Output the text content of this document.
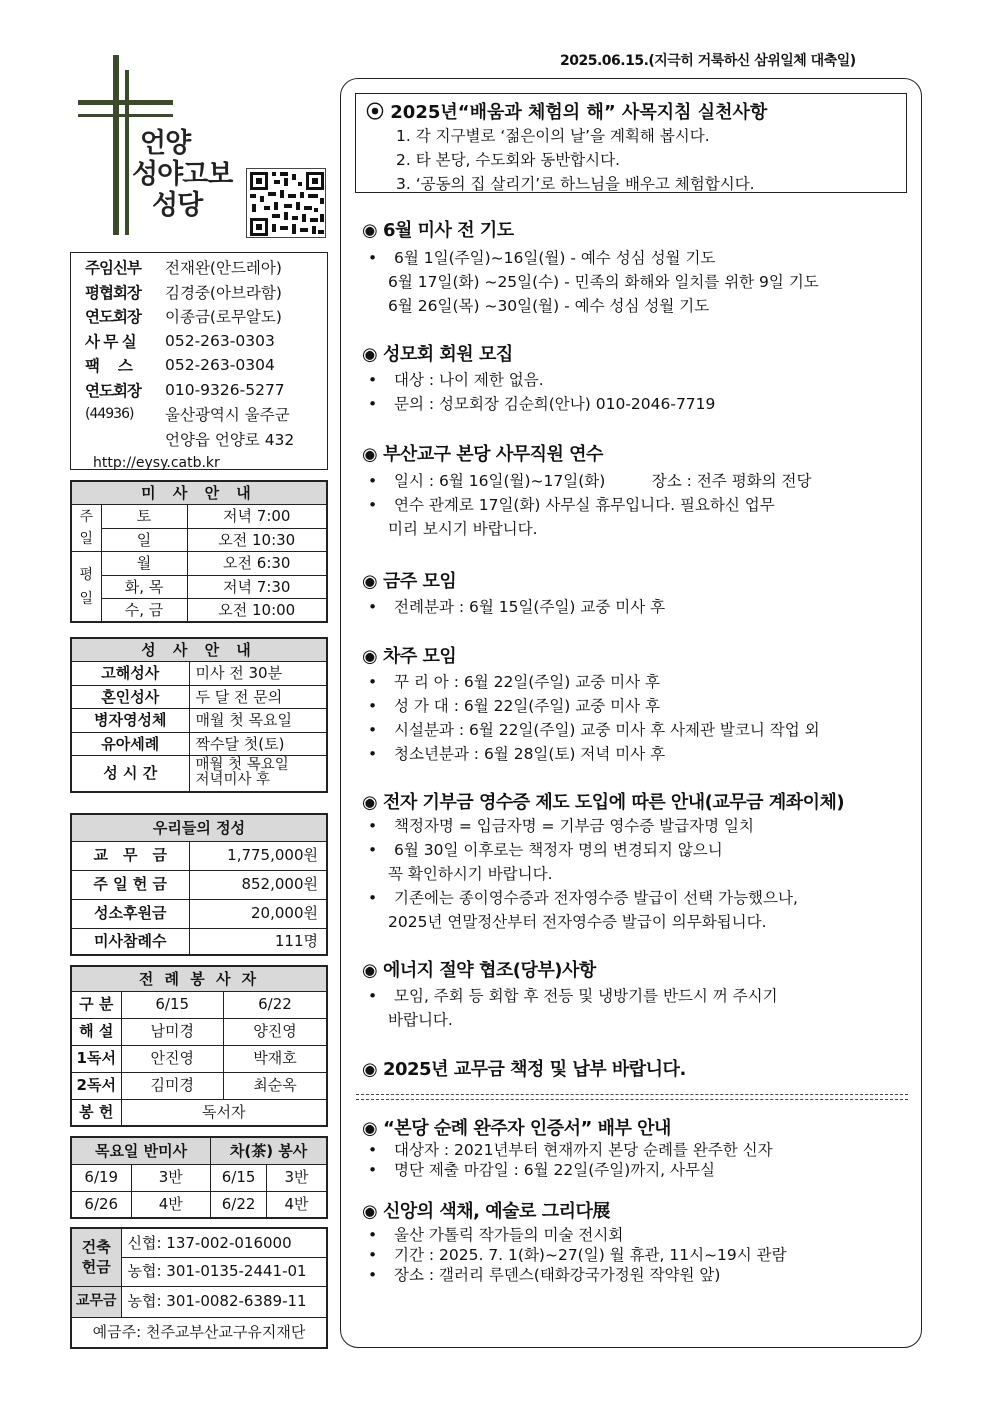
2025.06.15.(지극히 거룩하신 삼위일체 대축일)
언양
성야고보
성당
주임신부	전재완(안드레아)
평협회장	김경중(아브라함)
연도회장	이종금(로무알도)
사 무 실	052-263-0303
팩　 스	052-263-0304
연도회장	010-9326-5277
(44936)	울산광역시 울주군
언양읍 언양로 432
http://eysy.catb.kr
미 사 안 내		
주일	토	저녁 7:00
	일	오전 10:30
평일	월	오전 6:30
	화, 목	저녁 7:30
	수, 금	오전 10:00
성 사 안 내	
고해성사	미사 전 30분
혼인성사	두 달 전 문의
병자영성체	매월 첫 목요일
유아세례	짝수달 첫(토)
성 시 간	매월 첫 목요일
저녁미사 후
우리들의 정성	
교　무　금	1,775,000원
주 일 헌 금	852,000원
성소후원금	20,000원
미사참례수	111명
전 례 봉 사 자		
구 분	6/15	6/22
해 설	남미경	양진영
1독서	안진영	박재호
2독서	김미경	최순옥
봉 헌	독서자	
목요일 반미사		차(茶) 봉사	
6/19	3반	6/15	3반
6/26	4반	6/22	4반
건축헌금	신협: 137-002-016000
	농협: 301-0135-2441-01
교무금	농협: 301-0082-6389-11
예금주: 천주교부산교구유지재단	
⦿ 2025년“배움과 체험의 해” 사목지침 실천사항
1. 각 지구별로 ‘젊은이의 날’을 계획해 봅시다.
2. 타 본당, 수도회와 동반합시다.
3. ‘공동의 집 살리기’로 하느님을 배우고 체험합시다.
◉ 6월 미사 전 기도
• 6월 1일(주일)~16일(월) - 예수 성심 성월 기도
6월 17일(화) ~25일(수) - 민족의 화해와 일치를 위한 9일 기도
6월 26일(목) ~30일(월) - 예수 성심 성월 기도
◉ 성모회 회원 모집
• 대상 : 나이 제한 없음.
• 문의 : 성모회장 김순희(안나) 010-2046-7719
◉ 부산교구 본당 사무직원 연수
• 일시 : 6월 16일(월)~17일(화)　　　장소 : 전주 평화의 전당
• 연수 관계로 17일(화) 사무실 휴무입니다. 필요하신 업무
미리 보시기 바랍니다.
◉ 금주 모임
• 전례분과 : 6월 15일(주일) 교중 미사 후
◉ 차주 모임
• 꾸 리 아 : 6월 22일(주일) 교중 미사 후
• 성 가 대 : 6월 22일(주일) 교중 미사 후
• 시설분과 : 6월 22일(주일) 교중 미사 후 사제관 발코니 작업 외
• 청소년분과 : 6월 28일(토) 저녁 미사 후
◉ 전자 기부금 영수증 제도 도입에 따른 안내(교무금 계좌이체)
• 책정자명 = 입금자명 = 기부금 영수증 발급자명 일치
• 6월 30일 이후로는 책정자 명의 변경되지 않으니
꼭 확인하시기 바랍니다.
• 기존에는 종이영수증과 전자영수증 발급이 선택 가능했으나,
2025년 연말정산부터 전자영수증 발급이 의무화됩니다.
◉ 에너지 절약 협조(당부)사항
• 모임, 주회 등 회합 후 전등 및 냉방기를 반드시 꺼 주시기
바랍니다.
◉ 2025년 교무금 책정 및 납부 바랍니다.
◉ “본당 순례 완주자 인증서” 배부 안내
• 대상자 : 2021년부터 현재까지 본당 순례를 완주한 신자
• 명단 제출 마감일 : 6월 22일(주일)까지, 사무실
◉ 신앙의 색채, 예술로 그리다展
• 울산 가톨릭 작가들의 미술 전시회
• 기간 : 2025. 7. 1(화)~27(일) 월 휴관, 11시~19시 관람
• 장소 : 갤러리 루덴스(태화강국가정원 작약원 앞)
